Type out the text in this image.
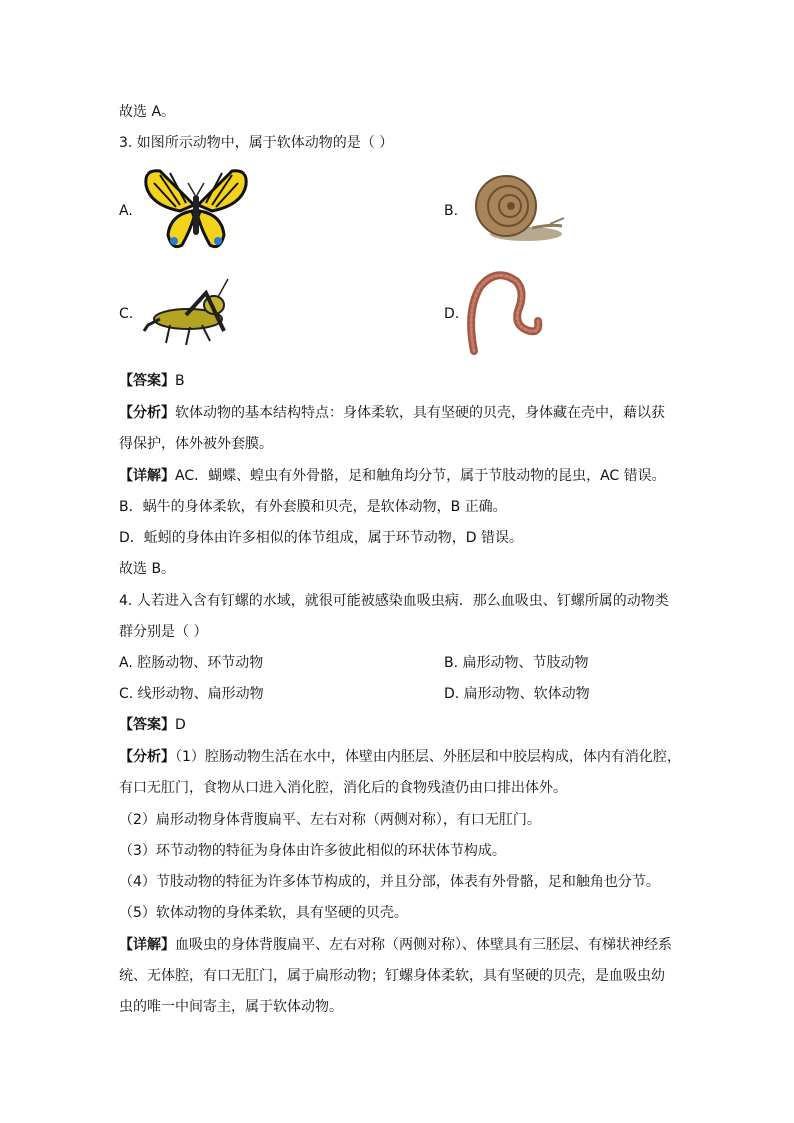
故选 A。
3. 如图所示动物中，属于软体动物的是（ ）
A.	B.
C.	D.
【答案】B
【分析】软体动物的基本结构特点：身体柔软，具有坚硬的贝壳，身体藏在壳中，藉以获
得保护，体外被外套膜。
【详解】AC．蝴蝶、蝗虫有外骨骼，足和触角均分节，属于节肢动物的昆虫，AC 错误。
B．蜗牛的身体柔软，有外套膜和贝壳，是软体动物，B 正确。
D．蚯蚓的身体由许多相似的体节组成，属于环节动物，D 错误。
故选 B。
4. 人若进入含有钉螺的水域，就很可能被感染血吸虫病．那么血吸虫、钉螺所属的动物类
群分别是（ ）
A. 腔肠动物、环节动物	B. 扁形动物、节肢动物
C. 线形动物、扁形动物	D. 扁形动物、软体动物
【答案】D
【分析】（1）腔肠动物生活在水中，体壁由内胚层、外胚层和中胶层构成，体内有消化腔，
有口无肛门，食物从口进入消化腔，消化后的食物残渣仍由口排出体外。
（2）扁形动物身体背腹扁平、左右对称（两侧对称），有口无肛门。
（3）环节动物的特征为身体由许多彼此相似的环状体节构成。
（4）节肢动物的特征为许多体节构成的，并且分部，体表有外骨骼，足和触角也分节。
（5）软体动物的身体柔软，具有坚硬的贝壳。
【详解】血吸虫的身体背腹扁平、左右对称（两侧对称）、体壁具有三胚层、有梯状神经系
统、无体腔，有口无肛门，属于扁形动物；钉螺身体柔软，具有坚硬的贝壳，是血吸虫幼
虫的唯一中间寄主，属于软体动物。
